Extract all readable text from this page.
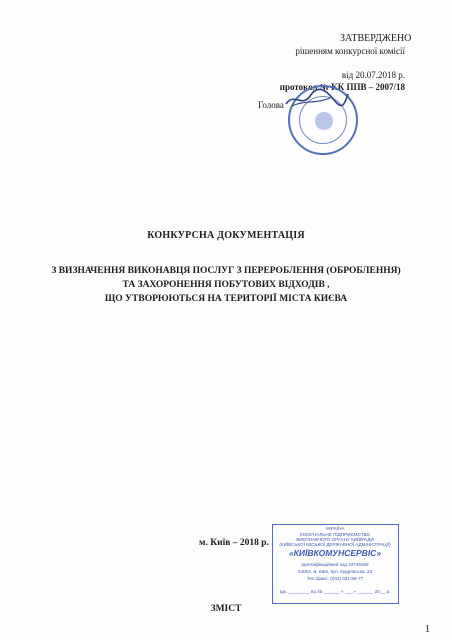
ЗАТВЕРДЖЕНО
рішенням конкурсної комісії
від 20.07.2018 р.
протокол № КК ППВ – 2007/18
Голова
КОНКУРСНА ДОКУМЕНТАЦІЯ
З ВИЗНАЧЕННЯ ВИКОНАВЦЯ ПОСЛУГ З ПЕРЕРОБЛЕННЯ (ОБРОБЛЕННЯ)
ТА ЗАХОРОНЕННЯ ПОБУТОВИХ ВІДХОДІВ ,
ЩО УТВОРЮЮТЬСЯ НА ТЕРИТОРІЇ МІСТА КИЄВА
м. Київ – 2018 р.
УКРАЇНА
КОМУНАЛЬНЕ ПІДПРИЄМСТВО
ВИКОНАВЧОГО ОРГАНУ КИЇВРАДИ
(КИЇВСЬКОЇ МІСЬКОЇ ДЕРЖАВНОЇ АДМІНІСТРАЦІЇ)
«КИЇВКОМУНСЕРВІС»
Ідентифікаційний код 33745659
04053, м. Київ, вул. Кудрявська, 23
Тел./факс: (044) 331-86-77
Ідк. ________ вх.№ ______ « ___» ______ 20__ р.
ЗМІСТ
1
